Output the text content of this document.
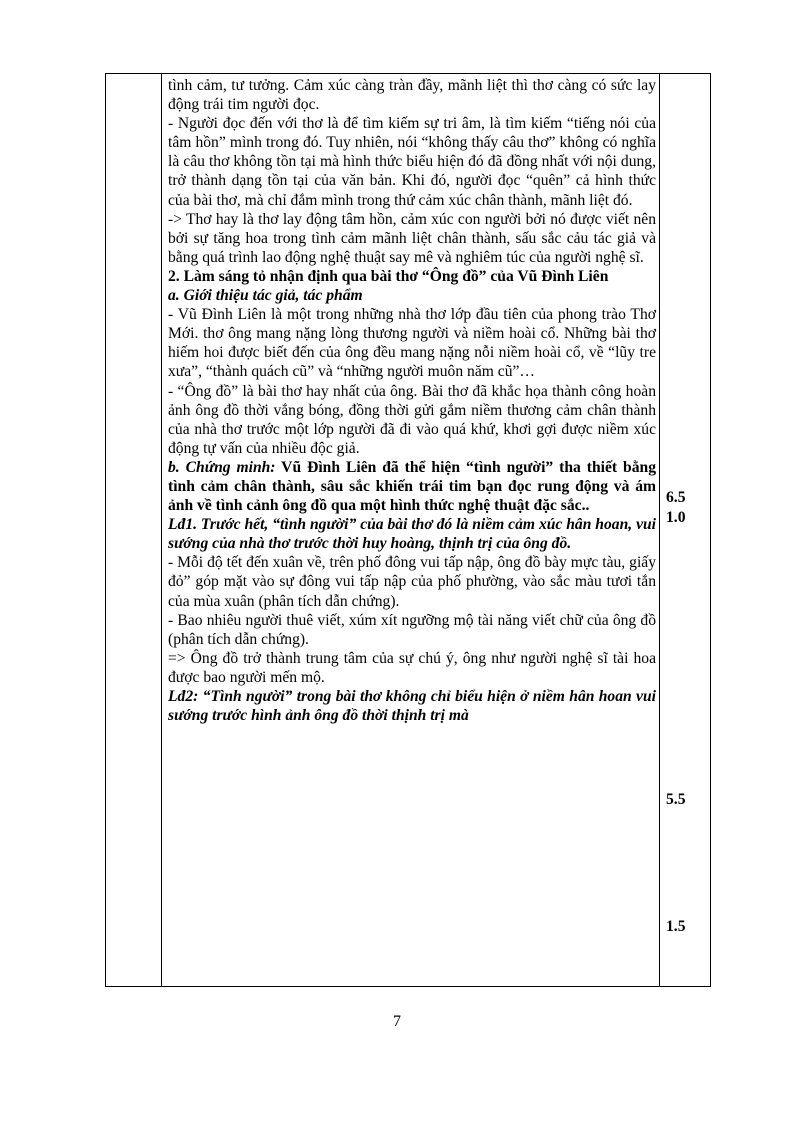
tình cảm, tư tưởng. Cảm xúc càng tràn đầy, mãnh liệt thì thơ càng có sức lay động trái tim người đọc.

- Người đọc đến với thơ là để tìm kiếm sự tri âm, là tìm kiếm “tiếng nói của tâm hồn” mình trong đó. Tuy nhiên, nói “không thấy câu thơ” không có nghĩa là câu thơ không tồn tại mà hình thức biểu hiện đó đã đồng nhất với nội dung, trở thành dạng tồn tại của văn bản. Khi đó, người đọc “quên” cả hình thức của bài thơ, mà chỉ đắm mình trong thứ cảm xúc chân thành, mãnh liệt đó.

-> Thơ hay là thơ lay động tâm hồn, cảm xúc con người bởi nó được viết nên bởi sự tăng hoa trong tình cảm mãnh liệt chân thành, sấu sắc cảu tác giả và bằng quá trình lao động nghệ thuật say mê và nghiêm túc của người nghệ sĩ.

2. Làm sáng tỏ nhận định qua bài thơ “Ông đồ” của Vũ Đình Liên

a. Giới thiệu tác giả, tác phẩm

- Vũ Đình Liên là một trong những nhà thơ lớp đầu tiên của phong trào Thơ Mới. thơ ông mang nặng lòng thương người và niềm hoài cổ. Những bài thơ hiếm hoi được biết đến của ông đều mang nặng nỗi niềm hoài cổ, về “lũy tre xưa”, “thành quách cũ” và “những người muôn năm cũ”…

- “Ông đồ” là bài thơ hay nhất của ông. Bài thơ đã khắc họa thành công hoàn ảnh ông đồ thời vắng bóng, đồng thời gửi gắm niềm thương cảm chân thành của nhà thơ trước một lớp người đã đi vào quá khứ, khơi gợi được niềm xúc động tự vấn của nhiều độc giả.

b. Chứng minh: Vũ Đình Liên đã thể hiện “tình người” tha thiết bằng tình cảm chân thành, sâu sắc khiến trái tim bạn đọc rung động và ám ảnh về tình cảnh ông đồ qua một hình thức nghệ thuật đặc sắc..

Lđ1. Trước hết, “tình người” của bài thơ đó là niềm cảm xúc hân hoan, vui sướng của nhà thơ trước thời huy hoàng, thịnh trị của ông đồ.

- Mỗi độ tết đến xuân về, trên phố đông vui tấp nập, ông đồ bày mực tàu, giấy đỏ” góp mặt vào sự đông vui tấp nập của phố phường, vào sắc màu tươi tắn của mùa xuân (phân tích dẫn chứng).

- Bao nhiêu người thuê viết, xúm xít ngưỡng mộ tài năng viết chữ của ông đồ (phân tích dẫn chứng).

=> Ông đồ trở thành trung tâm của sự chú ý, ông như người nghệ sĩ tài hoa được bao người mến mộ.

Lđ2: “Tình người” trong bài thơ không chỉ biểu hiện ở niềm hân hoan vui sướng trước hình ảnh ông đồ thời thịnh trị mà

6.5
1.0
5.5
1.5
7
